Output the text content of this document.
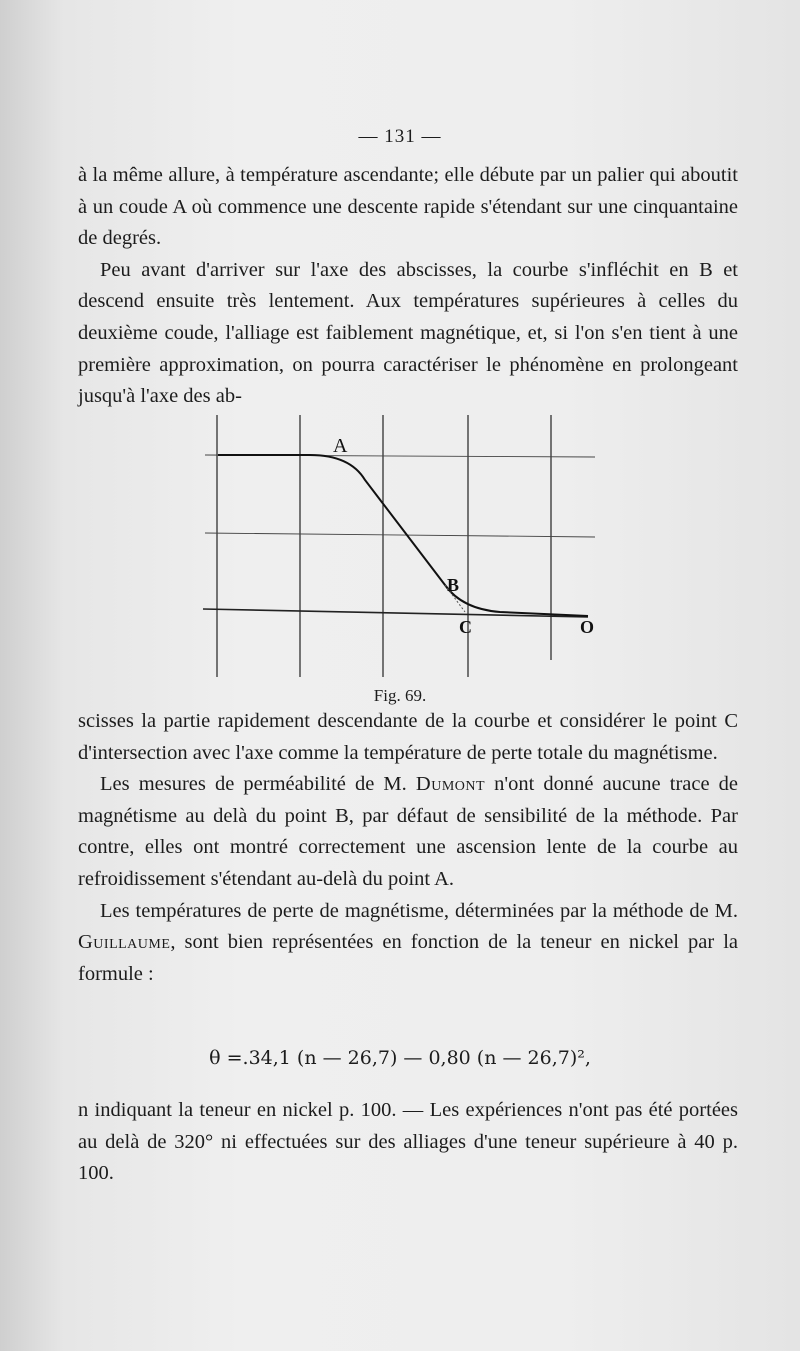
— 131 —

à la même allure, à température ascendante; elle débute par un palier qui aboutit à un coude A où commence une descente rapide s'étendant sur une cinquantaine de degrés.

Peu avant d'arriver sur l'axe des abscisses, la courbe s'infléchit en B et descend ensuite très lentement. Aux températures supérieures à celles du deuxième coude, l'alliage est faiblement magnétique, et, si l'on s'en tient à une première approximation, on pourra caractériser le phénomène en prolongeant jusqu'à l'axe des ab-

A
B
C	O
Fig. 69.

scisses la partie rapidement descendante de la courbe et considérer le point C d'intersection avec l'axe comme la température de perte totale du magnétisme.

Les mesures de perméabilité de M. Dumont n'ont donné aucune trace de magnétisme au delà du point B, par défaut de sensibilité de la méthode. Par contre, elles ont montré correctement une ascension lente de la courbe au refroidissement s'étendant au-delà du point A.

Les températures de perte de magnétisme, déterminées par la méthode de M. Guillaume, sont bien représentées en fonction de la teneur en nickel par la formule :

θ =.34,1 (n — 26,7) — 0,80 (n — 26,7)²,

n indiquant la teneur en nickel p. 100. — Les expériences n'ont pas été portées au delà de 320° ni effectuées sur des alliages d'une teneur supérieure à 40 p. 100.
